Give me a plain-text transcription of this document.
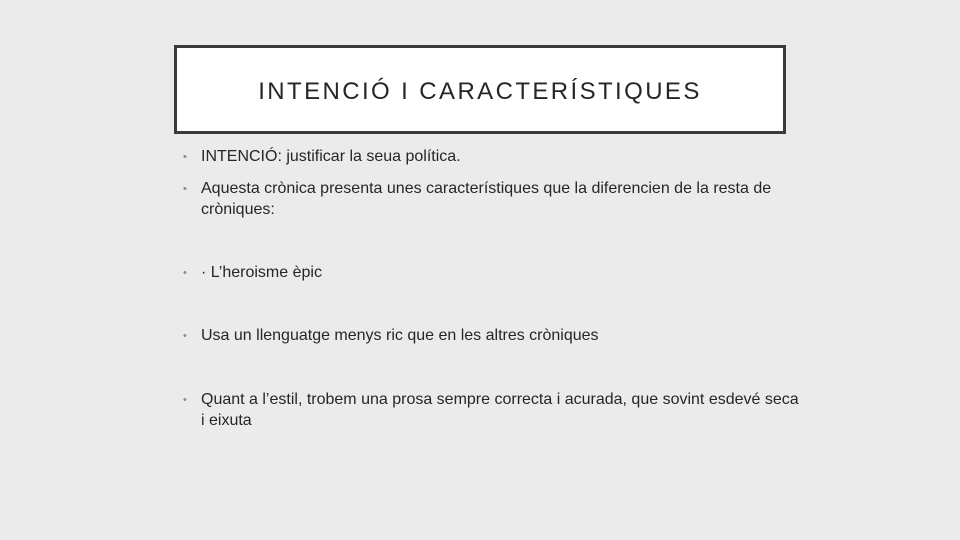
INTENCIÓ I CARACTERÍSTIQUES
• INTENCIÓ: justificar la seua política.
• Aquesta crònica presenta unes característiques que la diferencien de la resta de cròniques:
• · L’heroisme èpic
• Usa un llenguatge menys ric que en les altres cròniques
• Quant a l’estil, trobem una prosa sempre correcta i acurada, que sovint esdevé seca i eixuta
